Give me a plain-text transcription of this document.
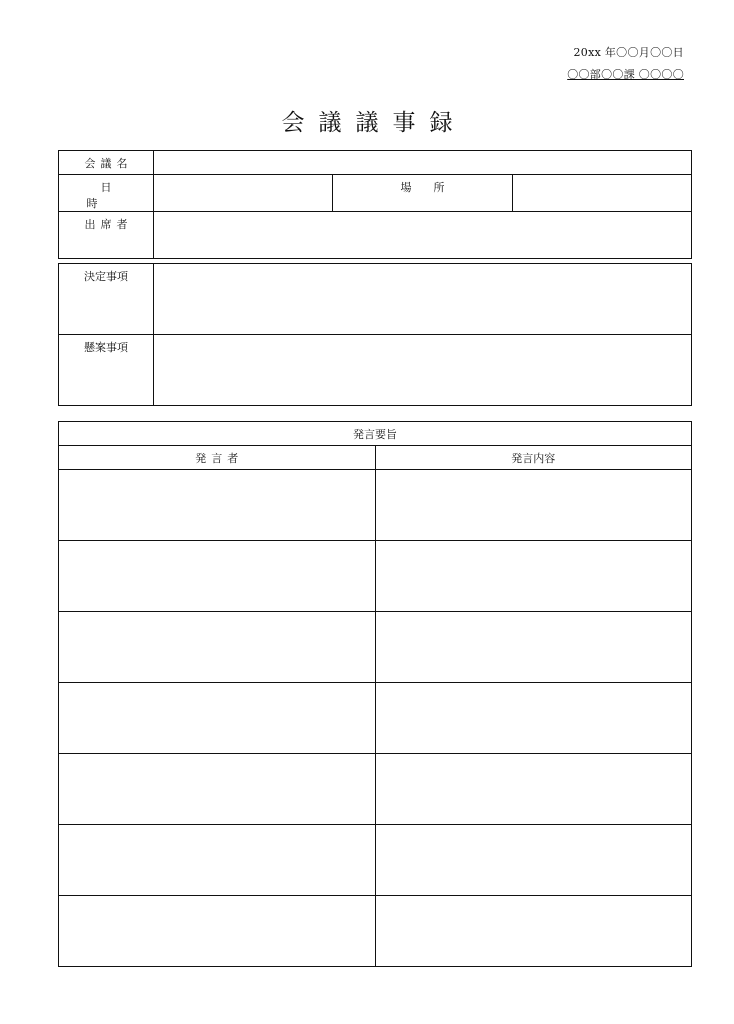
20xx 年〇〇月〇〇日
〇〇部〇〇課 〇〇〇〇
会議議事録
会議名			
日時		場所	
出席者			
決定事項	
懸案事項	
発言要旨	
発言者	発言内容
